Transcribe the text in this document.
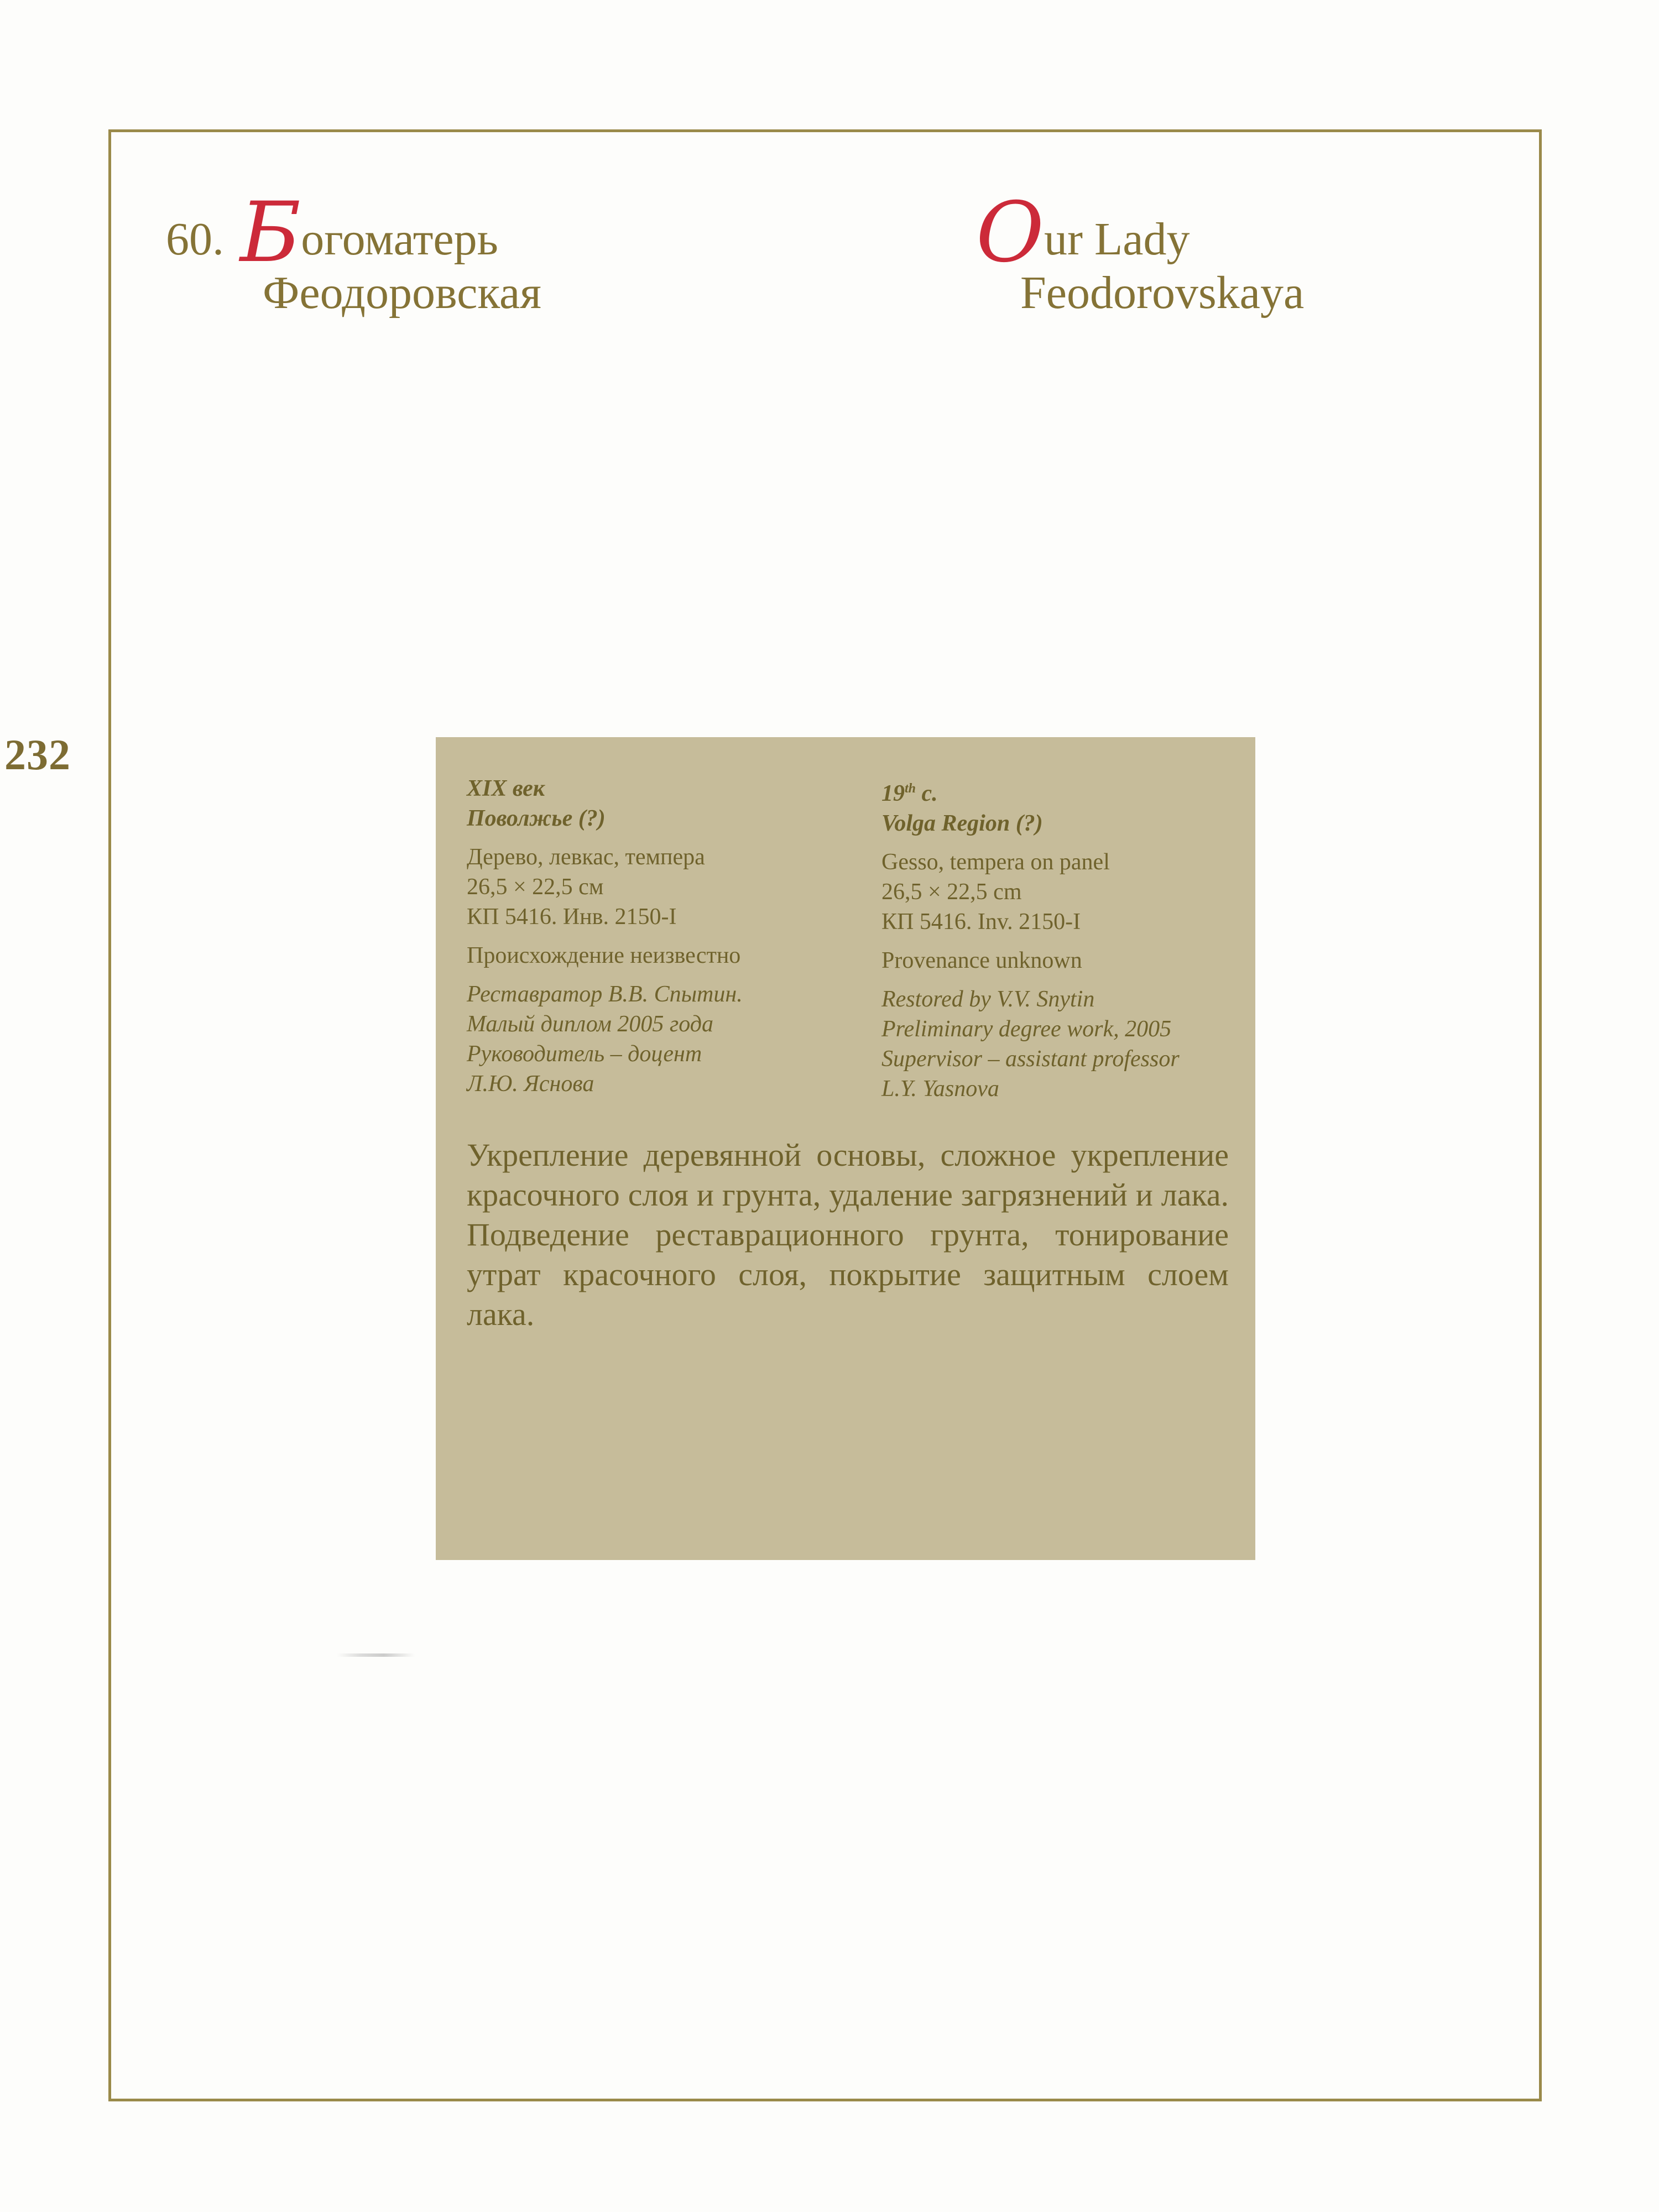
232
60. Богоматерь
Феодоровская
Our Lady
Feodorovskaya
XIX век
Поволжье (?)
Дерево, левкас, темпера
26,5 × 22,5 см
КП 5416. Инв. 2150-I
Происхождение неизвестно
Реставратор В.В. Спытин.
Малый диплом 2005 года
Руководитель – доцент
Л.Ю. Яснова
19th c.
Volga Region (?)
Gesso, tempera on panel
26,5 × 22,5 cm
КП 5416. Inv. 2150-I
Provenance unknown
Restored by V.V. Snytin
Preliminary degree work, 2005
Supervisor – assistant professor
L.Y. Yasnova
Укрепление деревянной основы, сложное укрепление красочного слоя и грунта, удаление загрязнений и лака. Подведение реставрационного грунта, тонирование утрат красочного слоя, покрытие защитным слоем лака.
